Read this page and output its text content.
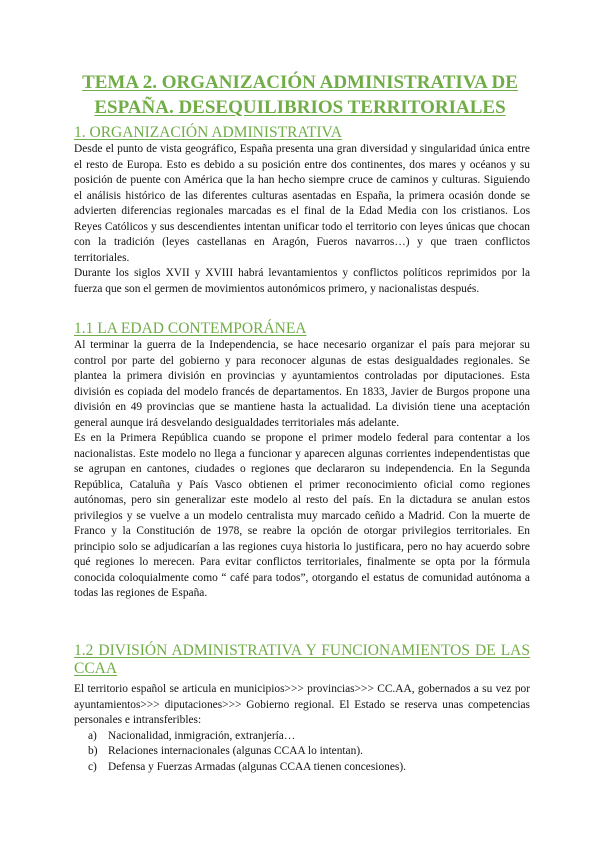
TEMA 2. ORGANIZACIÓN ADMINISTRATIVA DE
ESPAÑA. DESEQUILIBRIOS TERRITORIALES
1. ORGANIZACIÓN ADMINISTRATIVA

Desde el punto de vista geográfico, España presenta una gran diversidad y singularidad única entre el resto de Europa. Esto es debido a su posición entre dos continentes, dos mares y océanos y su posición de puente con América que la han hecho siempre cruce de caminos y culturas. Siguiendo el análisis histórico de las diferentes culturas asentadas en España, la primera ocasión donde se advierten diferencias regionales marcadas es el final de la Edad Media con los cristianos. Los Reyes Católicos y sus descendientes intentan unificar todo el territorio con leyes únicas que chocan con la tradición (leyes castellanas en Aragón, Fueros navarros…) y que traen conflictos territoriales.

Durante los siglos XVII y XVIII habrá levantamientos y conflictos políticos reprimidos por la fuerza que son el germen de movimientos autonómicos primero, y nacionalistas después.

1.1 LA EDAD CONTEMPORÁNEA

Al terminar la guerra de la Independencia, se hace necesario organizar el país para mejorar su control por parte del gobierno y para reconocer algunas de estas desigualdades regionales. Se plantea la primera división en provincias y ayuntamientos controladas por diputaciones. Esta división es copiada del modelo francés de departamentos. En 1833, Javier de Burgos propone una división en 49 provincias que se mantiene hasta la actualidad. La división tiene una aceptación general aunque irá desvelando desigualdades territoriales más adelante.

Es en la Primera República cuando se propone el primer modelo federal para contentar a los nacionalistas. Este modelo no llega a funcionar y aparecen algunas corrientes independentistas que se agrupan en cantones, ciudades o regiones que declararon su independencia. En la Segunda República, Cataluña y País Vasco obtienen el primer reconocimiento oficial como regiones autónomas, pero sin generalizar este modelo al resto del país. En la dictadura se anulan estos privilegios y se vuelve a un modelo centralista muy marcado ceñido a Madrid. Con la muerte de Franco y la Constitución de 1978, se reabre la opción de otorgar privilegios territoriales. En principio solo se adjudicarían a las regiones cuya historia lo justificara, pero no hay acuerdo sobre qué regiones lo merecen. Para evitar conflictos territoriales, finalmente se opta por la fórmula conocida coloquialmente como “ café para todos”, otorgando el estatus de comunidad autónoma a todas las regiones de España.

1.2 DIVISIÓN ADMINISTRATIVA Y FUNCIONAMIENTOS DE LAS
CCAA

El territorio español se articula en municipios>>> provincias>>> CC.AA, gobernados a su vez por ayuntamientos>>> diputaciones>>> Gobierno regional. El Estado se reserva unas competencias personales e intransferibles:

a) Nacionalidad, inmigración, extranjería…
b) Relaciones internacionales (algunas CCAA lo intentan).
c) Defensa y Fuerzas Armadas (algunas CCAA tienen concesiones).
